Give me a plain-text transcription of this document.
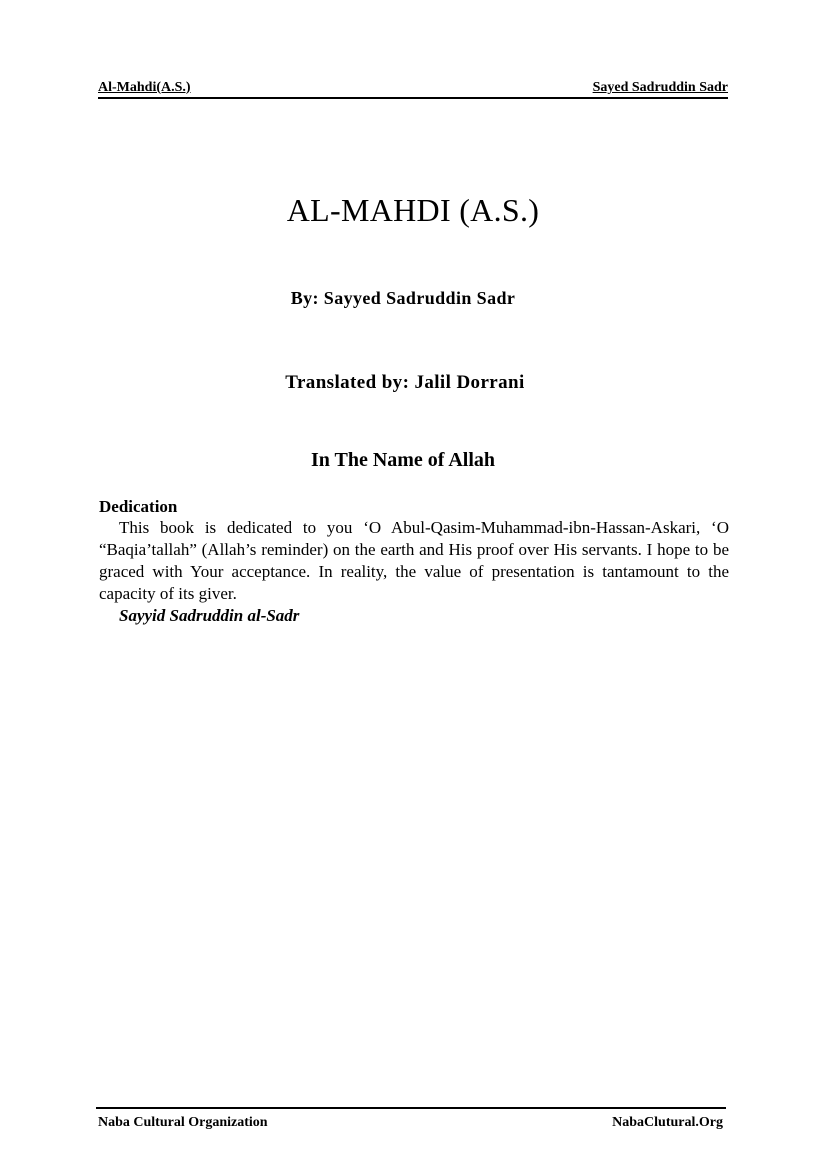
Al-Mahdi(A.S.)	Sayed Sadruddin Sadr
AL-MAHDI (A.S.)
By: Sayyed Sadruddin Sadr
Translated by: Jalil Dorrani
In The Name of Allah
Dedication

This book is dedicated to you ‘O Abul-Qasim-Muhammad-ibn-Hassan-Askari, ‘O “Baqia’tallah” (Allah’s reminder) on the earth and His proof over His servants. I hope to be graced with Your acceptance. In reality, the value of presentation is tantamount to the capacity of its giver.

Sayyid Sadruddin al-Sadr
Naba Cultural Organization	NabaClutural.Org
